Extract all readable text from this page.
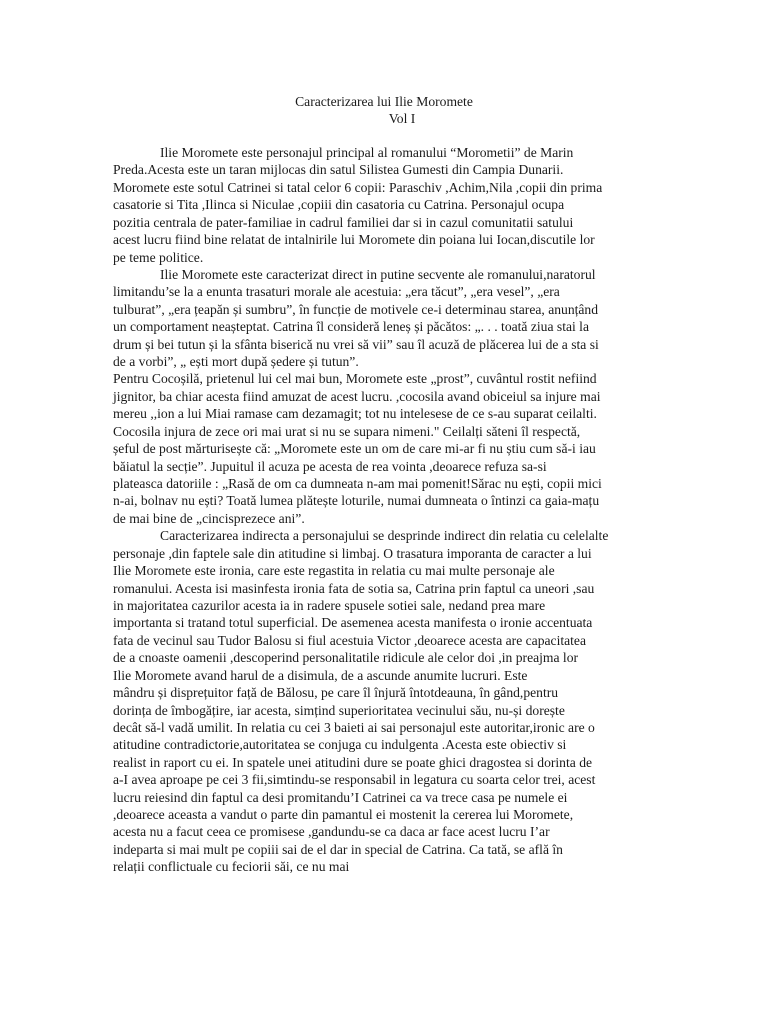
Caracterizarea lui Ilie Moromete
Vol I
Ilie Moromete este personajul principal al romanului “Morometii” de Marin
Preda.Acesta este un taran mijlocas din satul Silistea Gumesti din Campia Dunarii.
Moromete este sotul Catrinei si tatal celor 6 copii: Paraschiv ,Achim,Nila ,copii din prima
casatorie si Tita ,Ilinca si Niculae ,copiii din casatoria cu Catrina. Personajul ocupa
pozitia centrala de pater-familiae in cadrul familiei dar si in cazul comunitatii satului
acest lucru fiind bine relatat de intalnirile lui Moromete din poiana lui Iocan,discutile lor
pe teme politice.
Ilie Moromete este caracterizat direct in putine secvente ale romanului,naratorul
limitandu’se la a enunta trasaturi morale ale acestuia: „era tăcut”, „era vesel”, „era
tulburat”, „era țeapăn și sumbru”, în funcție de motivele ce-i determinau starea, anunțând
un comportament neașteptat. Catrina îl consideră leneș și păcătos: „. . . toată ziua stai la
drum și bei tutun și la sfânta biserică nu vrei să vii” sau îl acuză de plăcerea lui de a sta si
de a vorbi”, „ ești mort după ședere și tutun”.
Pentru Cocoșilă, prietenul lui cel mai bun, Moromete este „prost”, cuvântul rostit nefiind
jignitor, ba chiar acesta fiind amuzat de acest lucru. ,cocosila avand obiceiul sa injure mai
mereu ,,ion a lui Miai ramase cam dezamagit; tot nu intelesese de ce s-au suparat ceilalti.
Cocosila injura de zece ori mai urat si nu se supara nimeni." Ceilalți săteni îl respectă,
șeful de post mărturisește că: „Moromete este un om de care mi-ar fi nu știu cum să-i iau
băiatul la secție”. Jupuitul il acuza pe acesta de rea vointa ,deoarece refuza sa-si
plateasca datoriile : „Rasă de om ca dumneata n-am mai pomenit!Sărac nu ești, copii mici
n-ai, bolnav nu ești? Toată lumea plătește loturile, numai dumneata o întinzi ca gaia-mațu
de mai bine de „cincisprezece ani”.
Caracterizarea indirecta a personajului se desprinde indirect din relatia cu celelalte
personaje ,din faptele sale din atitudine si limbaj. O trasatura imporanta de caracter a lui
Ilie Moromete este ironia, care este regastita in relatia cu mai multe personaje ale
romanului. Acesta isi masinfesta ironia fata de sotia sa, Catrina prin faptul ca uneori ,sau
in majoritatea cazurilor acesta ia in radere spusele sotiei sale, nedand prea mare
importanta si tratand totul superficial. De asemenea acesta manifesta o ironie accentuata
fata de vecinul sau Tudor Balosu si fiul acestuia Victor ,deoarece acesta are capacitatea
de a cnoaste oamenii ,descoperind personalitatile ridicule ale celor doi ,in preajma lor
Ilie Moromete avand harul de a disimula, de a ascunde anumite lucruri. Este
mândru și disprețuitor față de Bălosu, pe care îl înjură întotdeauna, în gând,pentru
dorința de îmbogățire, iar acesta, simțind superioritatea vecinului său, nu-și dorește
decât să-l vadă umilit. In relatia cu cei 3 baieti ai sai personajul este autoritar,ironic are o
atitudine contradictorie,autoritatea se conjuga cu indulgenta .Acesta este obiectiv si
realist in raport cu ei. In spatele unei atitudini dure se poate ghici dragostea si dorinta de
a-I avea aproape pe cei 3 fii,simtindu-se responsabil in legatura cu soarta celor trei, acest
lucru reiesind din faptul ca desi promitandu’I Catrinei ca va trece casa pe numele ei
,deoarece aceasta a vandut o parte din pamantul ei mostenit la cererea lui Moromete,
acesta nu a facut ceea ce promisese ,gandundu-se ca daca ar face acest lucru I’ar
indeparta si mai mult pe copiii sai de el dar in special de Catrina. Ca tată, se află în
relații conflictuale cu feciorii săi, ce nu mai
